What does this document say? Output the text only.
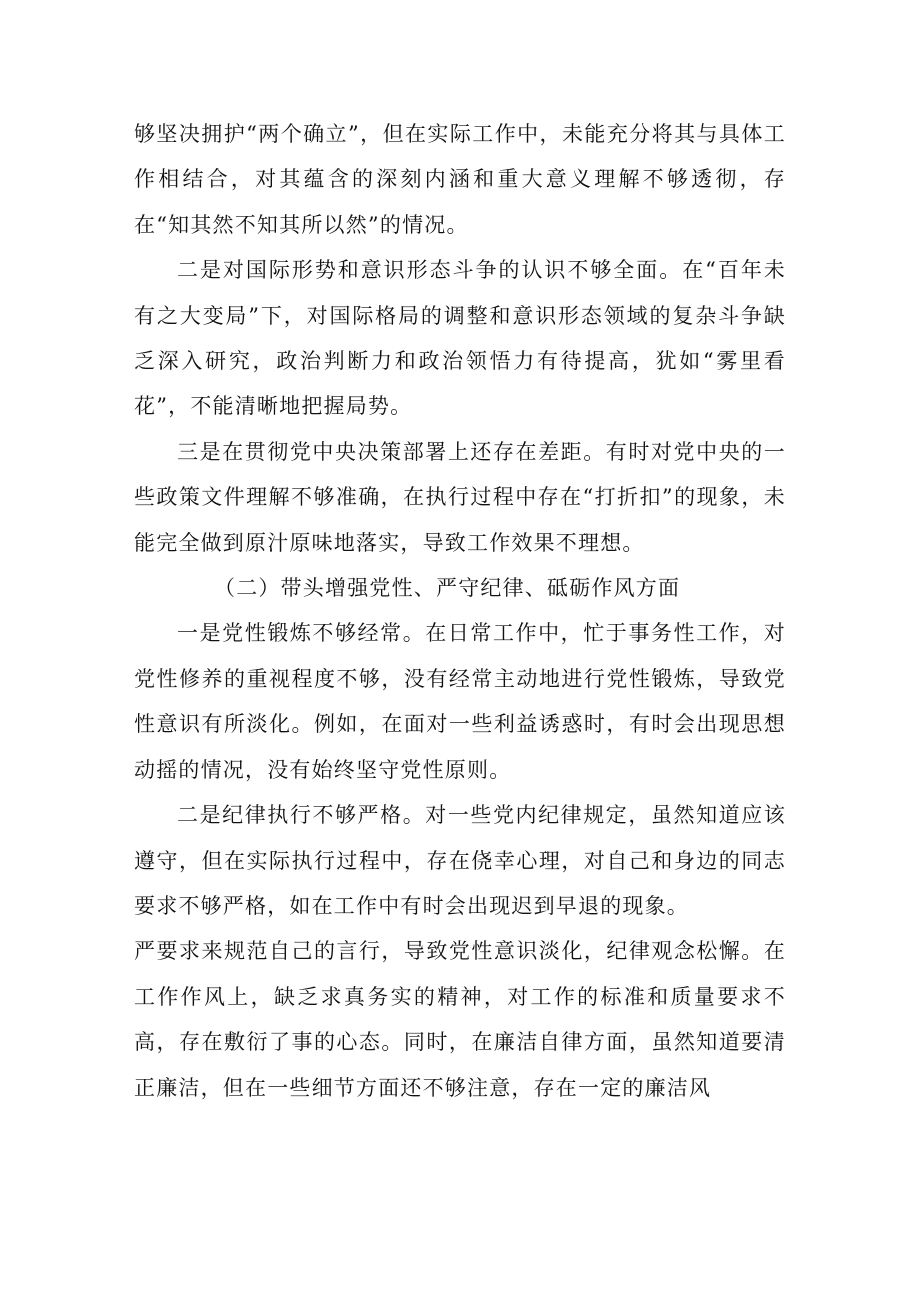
够坚决拥护“两个确立”，但在实际工作中，未能充分将其与具体工作相结合，对其蕴含的深刻内涵和重大意义理解不够透彻，存在“知其然不知其所以然”的情况。

二是对国际形势和意识形态斗争的认识不够全面。在“百年未有之大变局”下，对国际格局的调整和意识形态领域的复杂斗争缺乏深入研究，政治判断力和政治领悟力有待提高，犹如“雾里看花”，不能清晰地把握局势。

三是在贯彻党中央决策部署上还存在差距。有时对党中央的一些政策文件理解不够准确，在执行过程中存在“打折扣”的现象，未能完全做到原汁原味地落实，导致工作效果不理想。

（二）带头增强党性、严守纪律、砥砺作风方面

一是党性锻炼不够经常。在日常工作中，忙于事务性工作，对党性修养的重视程度不够，没有经常主动地进行党性锻炼，导致党性意识有所淡化。例如，在面对一些利益诱惑时，有时会出现思想动摇的情况，没有始终坚守党性原则。

二是纪律执行不够严格。对一些党内纪律规定，虽然知道应该遵守，但在实际执行过程中，存在侥幸心理，对自己和身边的同志要求不够严格，如在工作中有时会出现迟到早退的现象。

严要求来规范自己的言行，导致党性意识淡化，纪律观念松懈。在工作作风上，缺乏求真务实的精神，对工作的标准和质量要求不高，存在敷衍了事的心态。同时，在廉洁自律方面，虽然知道要清正廉洁，但在一些细节方面还不够注意，存在一定的廉洁风
